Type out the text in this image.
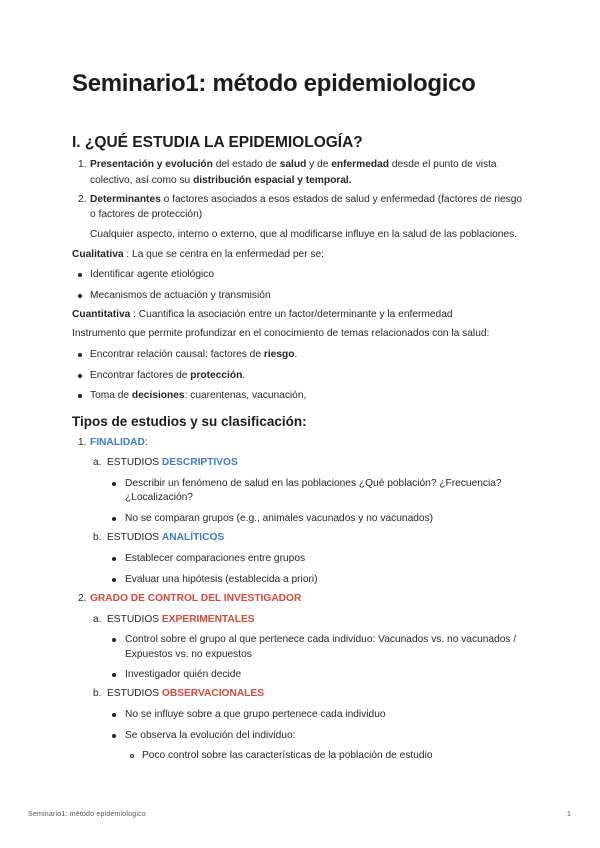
Seminario1: método epidemiologico
I. ¿QUÉ ESTUDIA LA EPIDEMIOLOGÍA?
1. Presentación y evolución del estado de salud y de enfermedad desde el punto de vista

colectivo, así como su distribución espacial y temporal.

2. Determinantes o factores asociados a esos estados de salud y enfermedad (factores de riesgo

o factores de protección)

Cualquier aspecto, interno o externo, que al modificarse influye en la salud de las poblaciones.

Cualitativa : La que se centra en la enfermedad per se:

Identificar agente etiológico

Mecanismos de actuación y transmisión

Cuantitativa : Cuantifica la asociación entre un factor/determinante y la enfermedad

Instrumento que permite profundizar en el conocimiento de temas relacionados con la salud:

Encontrar relación causal: factores de riesgo.

Encontrar factores de protección.

Toma de decisiones: cuarentenas, vacunación,

Tipos de estudios y su clasificación:
1. FINALIDAD:

a. ESTUDIOS DESCRIPTIVOS

Describir un fenómeno de salud en las poblaciones ¿Qué población? ¿Frecuencia?

¿Localización?

No se comparan grupos (e.g., animales vacunados y no vacunados)

b. ESTUDIOS ANALÍTICOS

Establecer comparaciones entre grupos

Evaluar una hipótesis (establecida a priori)

2. GRADO DE CONTROL DEL INVESTIGADOR

a. ESTUDIOS EXPERIMENTALES

Control sobre el grupo al que pertenece cada individuo: Vacunados vs. no vacunados /

Expuestos vs. no expuestos

Investigador quién decide

b. ESTUDIOS OBSERVACIONALES

No se influye sobre a que grupo pertenece cada individuo

Se observa la evolución del individuo:

Poco control sobre las características de la población de estudio

Seminario1: método epidemiologico	1
